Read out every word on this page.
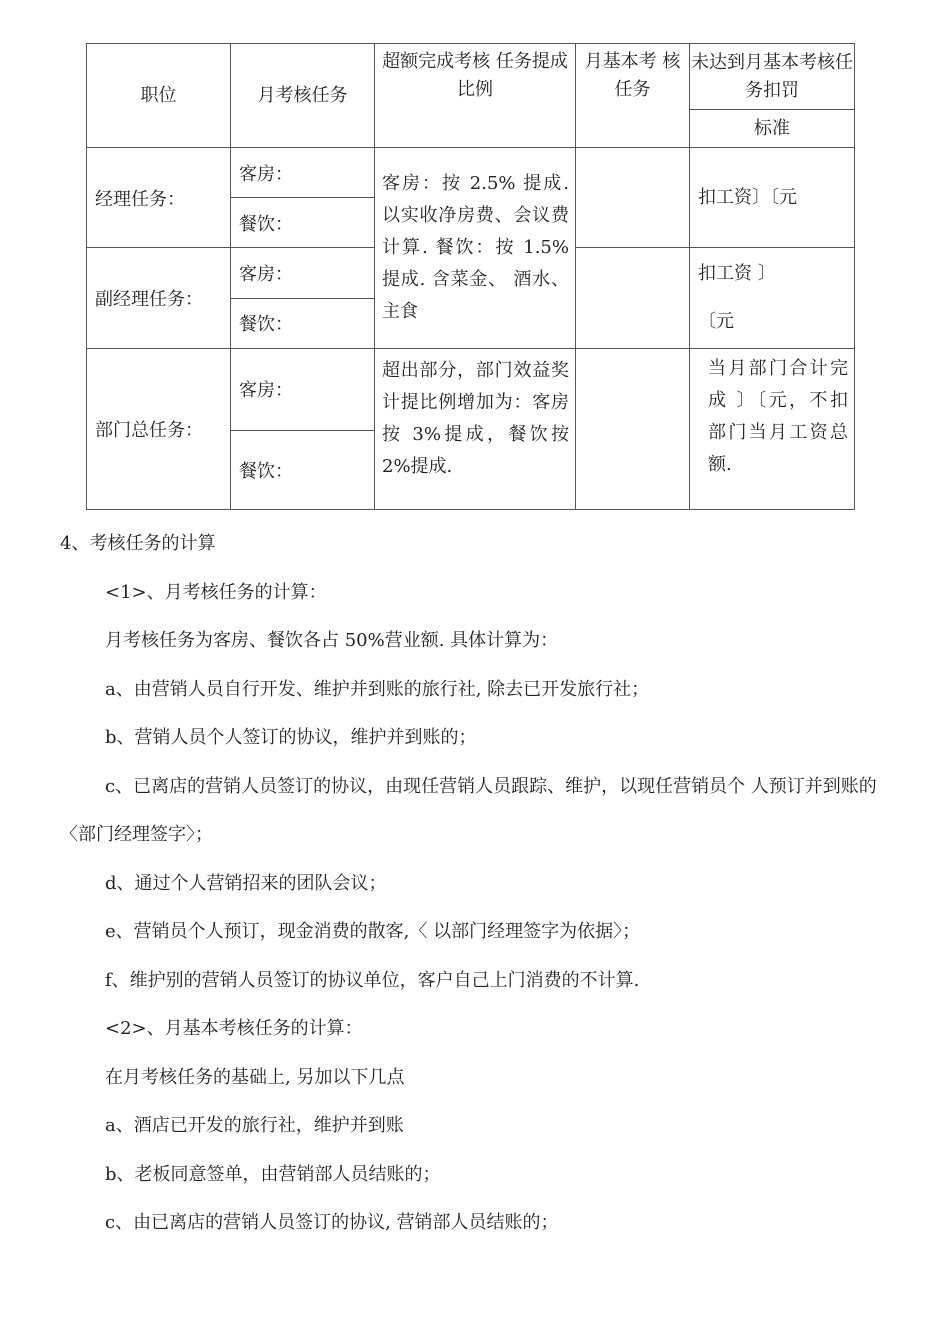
职位	月考核任务	超额完成考核 任务提成比例	月基本考 核任务	未达到月基本考核任务扣罚
				标准
经理任务：	客房：	客房：按 2.5% 提成. 以实收净房费、会议费计算. 餐饮：按 1.5% 提成. 含菜金、 酒水、主食		扣工资〕〔元
	餐饮：			
副经理任务：	客房：			扣工资 〕
〔元

	餐饮：			
部门总任务：	客房：	超出部分，部门效益奖计提比例增加为：客房按 3%提成，餐饮按 2%提成.		当月部门合计完成 〕〔元，不扣部门当月工资总额.
	餐饮：			

4、考核任务的计算

<1>、月考核任务的计算：

月考核任务为客房、餐饮各占 50%营业额. 具体计算为：

a、由营销人员自行开发、维护并到账的旅行社, 除去已开发旅行社；

b、营销人员个人签订的协议，维护并到账的；

c、已离店的营销人员签订的协议，由现任营销人员跟踪、维护，以现任营销员个 人预订并到账的〈部门经理签字〉；

d、通过个人营销招来的团队会议；

e、营销员个人预订，现金消费的散客,〈 以部门经理签字为依据〉；

f、维护别的营销人员签订的协议单位，客户自己上门消费的不计算.

<2>、月基本考核任务的计算：

在月考核任务的基础上, 另加以下几点

a、酒店已开发的旅行社，维护并到账

b、老板同意签单，由营销部人员结账的；

c、由已离店的营销人员签订的协议, 营销部人员结账的；
